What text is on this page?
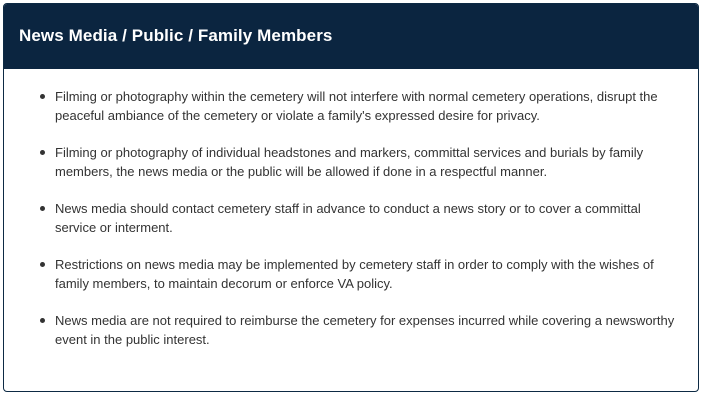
News Media / Public / Family Members
Filming or photography within the cemetery will not interfere with normal cemetery operations, disrupt the peaceful ambiance of the cemetery or violate a family's expressed desire for privacy.
Filming or photography of individual headstones and markers, committal services and burials by family members, the news media or the public will be allowed if done in a respectful manner.
News media should contact cemetery staff in advance to conduct a news story or to cover a committal service or interment.
Restrictions on news media may be implemented by cemetery staff in order to comply with the wishes of family members, to maintain decorum or enforce VA policy.
News media are not required to reimburse the cemetery for expenses incurred while covering a newsworthy event in the public interest.
